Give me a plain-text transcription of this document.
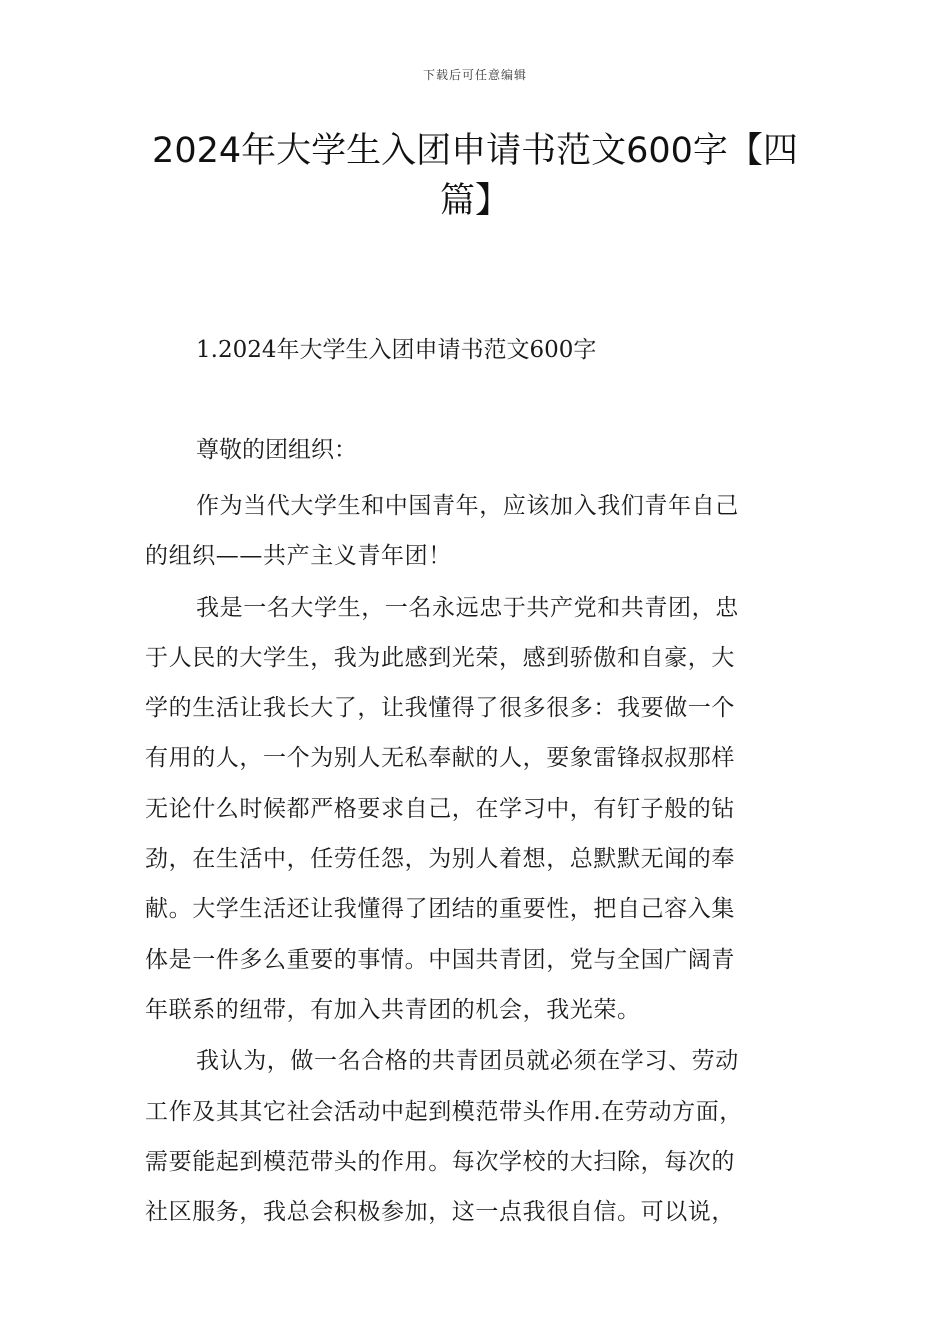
下载后可任意编辑
2024年大学生入团申请书范文600字【四
篇】
1.2024年大学生入团申请书范文600字

尊敬的团组织：

作为当代大学生和中国青年，应该加入我们青年自己
的组织——共产主义青年团！
我是一名大学生，一名永远忠于共产党和共青团，忠
于人民的大学生，我为此感到光荣，感到骄傲和自豪，大
学的生活让我长大了，让我懂得了很多很多：我要做一个
有用的人，一个为别人无私奉献的人，要象雷锋叔叔那样
无论什么时候都严格要求自己，在学习中，有钉子般的钻
劲，在生活中，任劳任怨，为别人着想，总默默无闻的奉
献。大学生活还让我懂得了团结的重要性，把自己容入集
体是一件多么重要的事情。中国共青团，党与全国广阔青
年联系的纽带，有加入共青团的机会，我光荣。
我认为，做一名合格的共青团员就必须在学习、劳动
工作及其其它社会活动中起到模范带头作用.在劳动方面，
需要能起到模范带头的作用。每次学校的大扫除，每次的
社区服务，我总会积极参加，这一点我很自信。可以说，
